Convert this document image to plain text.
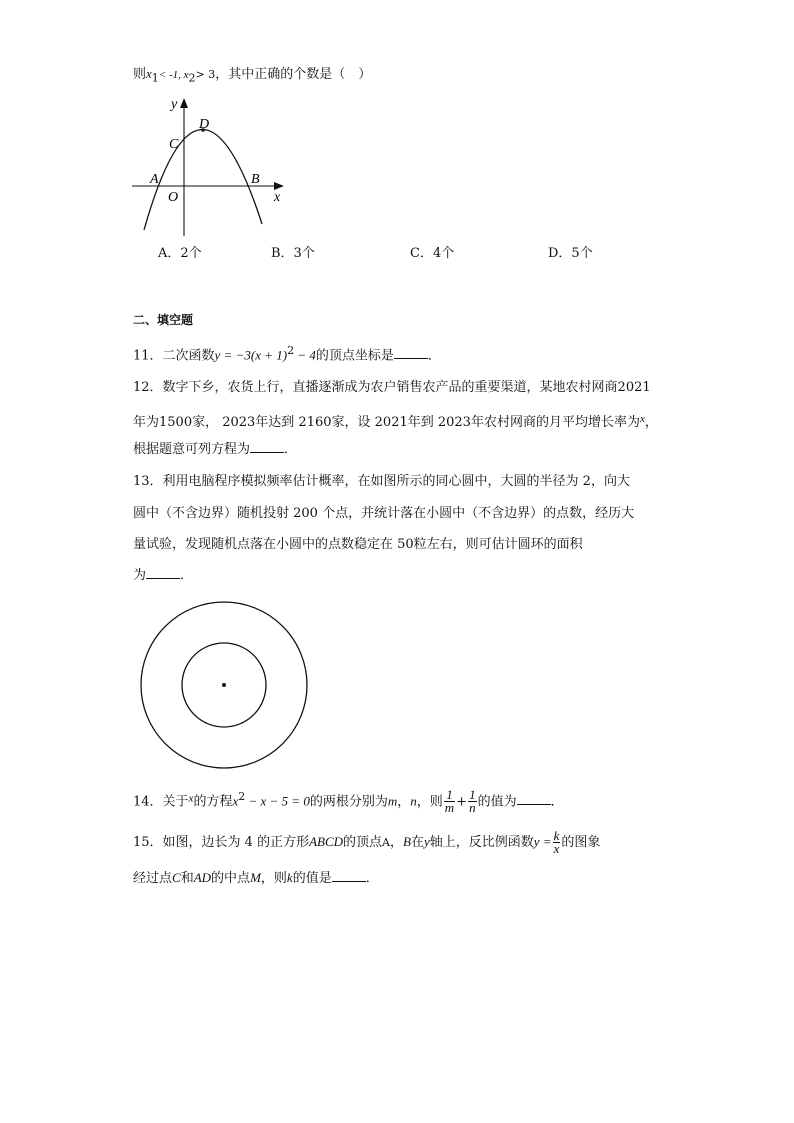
则$x_1< -1$, $x_2> 3$，其中正确的个数是（　）
y
x
D
C
A	B
O
A．2个	B．3个	C．4个	D．5个
二、填空题
11．二次函数$y = -3(x + 1)^2 - 4$的顶点坐标是	．
12．数字下乡，农货上行，直播逐渐成为农户销售农产品的重要渠道，某地农村网商2021
年为1500家， 2023年达到 2160家，设 2021年到 2023年农村网商的月平均增长率为$^x$，
根据题意可列方程为	．
13．利用电脑程序模拟频率估计概率，在如图所示的同心圆中，大圆的半径为 2，向大
圆中（不含边界）随机投射 200 个点，并统计落在小圆中（不含边界）的点数，经历大
量试验，发现随机点落在小圆中的点数稳定在 50粒左右，则可估计圆环的面积
为	．
14．关于$^x$的方程$x^2 - x - 5 = 0$的两根分别为m，n，则 $\frac{1}{m} + \frac{1}{n}$ 的值为	．
15．如图，边长为 4 的正方形ABCD的顶点A，B在y轴上，反比例函数$y = \frac{k}{x}$ 的图象
经过点C和AD的中点M，则k的值是	．
